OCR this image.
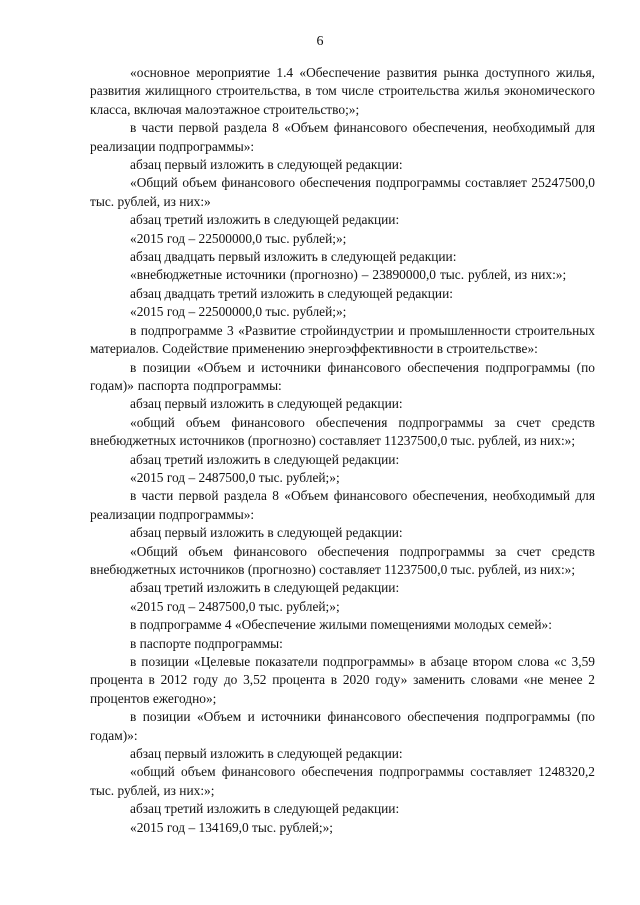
6

«основное мероприятие 1.4 «Обеспечение развития рынка доступного жилья, развития жилищного строительства, в том числе строительства жилья экономического класса, включая малоэтажное строительство;»;

в части первой раздела 8 «Объем финансового обеспечения, необходимый для реализации подпрограммы»:

абзац первый изложить в следующей редакции:

«Общий объем финансового обеспечения подпрограммы составляет 25247500,0 тыс. рублей, из них:»

абзац третий изложить в следующей редакции:

«2015 год – 22500000,0 тыс. рублей;»;

абзац двадцать первый изложить в следующей редакции:

«внебюджетные источники (прогнозно) – 23890000,0 тыс. рублей, из них:»;

абзац двадцать третий изложить в следующей редакции:

«2015 год – 22500000,0 тыс. рублей;»;

в подпрограмме 3 «Развитие стройиндустрии и промышленности строительных материалов. Содействие применению энергоэффективности в строительстве»:

в позиции «Объем и источники финансового обеспечения подпрограммы (по годам)» паспорта подпрограммы:

абзац первый изложить в следующей редакции:

«общий объем финансового обеспечения подпрограммы за счет средств внебюджетных источников (прогнозно) составляет 11237500,0 тыс. рублей, из них:»;

абзац третий изложить в следующей редакции:

«2015 год – 2487500,0 тыс. рублей;»;

в части первой раздела 8 «Объем финансового обеспечения, необходимый для реализации подпрограммы»:

абзац первый изложить в следующей редакции:

«Общий объем финансового обеспечения подпрограммы за счет средств внебюджетных источников (прогнозно) составляет 11237500,0 тыс. рублей, из них:»;

абзац третий изложить в следующей редакции:

«2015 год – 2487500,0 тыс. рублей;»;

в подпрограмме 4 «Обеспечение жилыми помещениями молодых семей»:

в паспорте подпрограммы:

в позиции «Целевые показатели подпрограммы» в абзаце втором слова «с 3,59 процента в 2012 году до 3,52 процента в 2020 году» заменить словами «не менее 2 процентов ежегодно»;

в позиции «Объем и источники финансового обеспечения подпрограммы (по годам)»:

абзац первый изложить в следующей редакции:

«общий объем финансового обеспечения подпрограммы составляет 1248320,2 тыс. рублей, из них:»;

абзац третий изложить в следующей редакции:

«2015 год – 134169,0 тыс. рублей;»;
